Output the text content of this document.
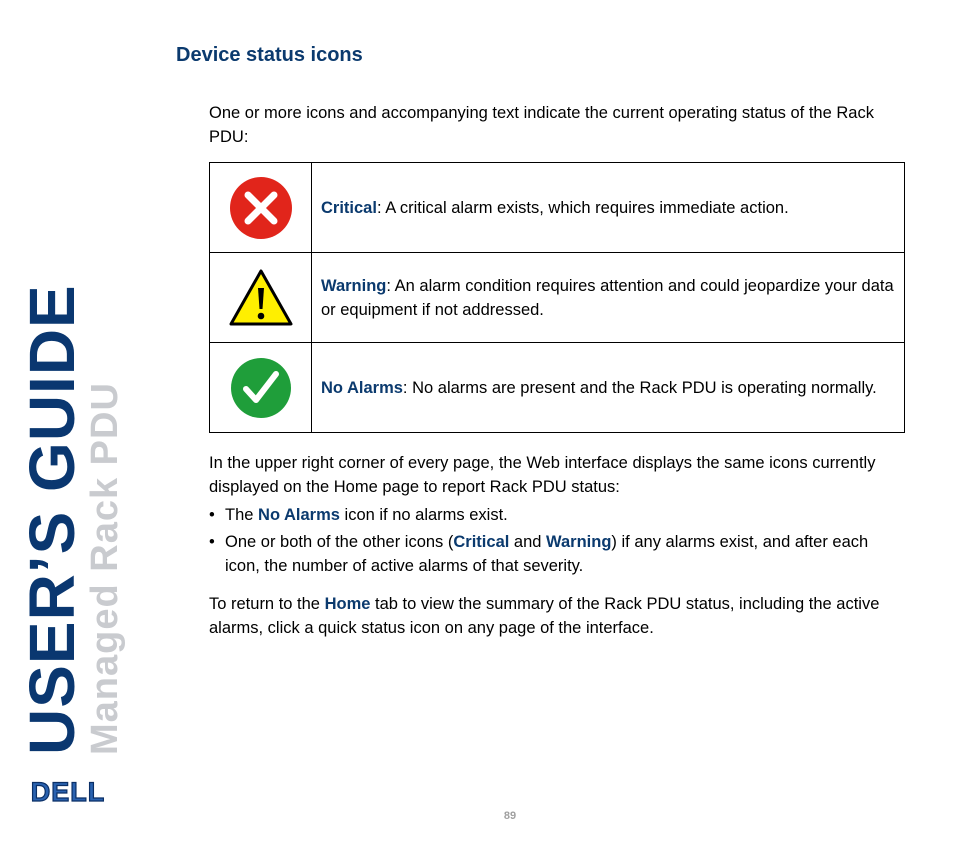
Device status icons

One or more icons and accompanying text indicate the current operating status of the Rack PDU:

	Critical: A critical alarm exists, which requires immediate action.

	Warning: An alarm condition requires attention and could jeopardize your data or equipment if not addressed.

	No Alarms: No alarms are present and the Rack PDU is operating normally.

In the upper right corner of every page, the Web interface displays the same icons currently displayed on the Home page to report Rack PDU status:

• The No Alarms icon if no alarms exist.
• One or both of the other icons (Critical and Warning) if any alarms exist, and after each icon, the number of active alarms of that severity.

To return to the Home tab to view the summary of the Rack PDU status, including the active alarms, click a quick status icon on any page of the interface.

USER’S GUIDE
Managed Rack PDU
DELL
89
